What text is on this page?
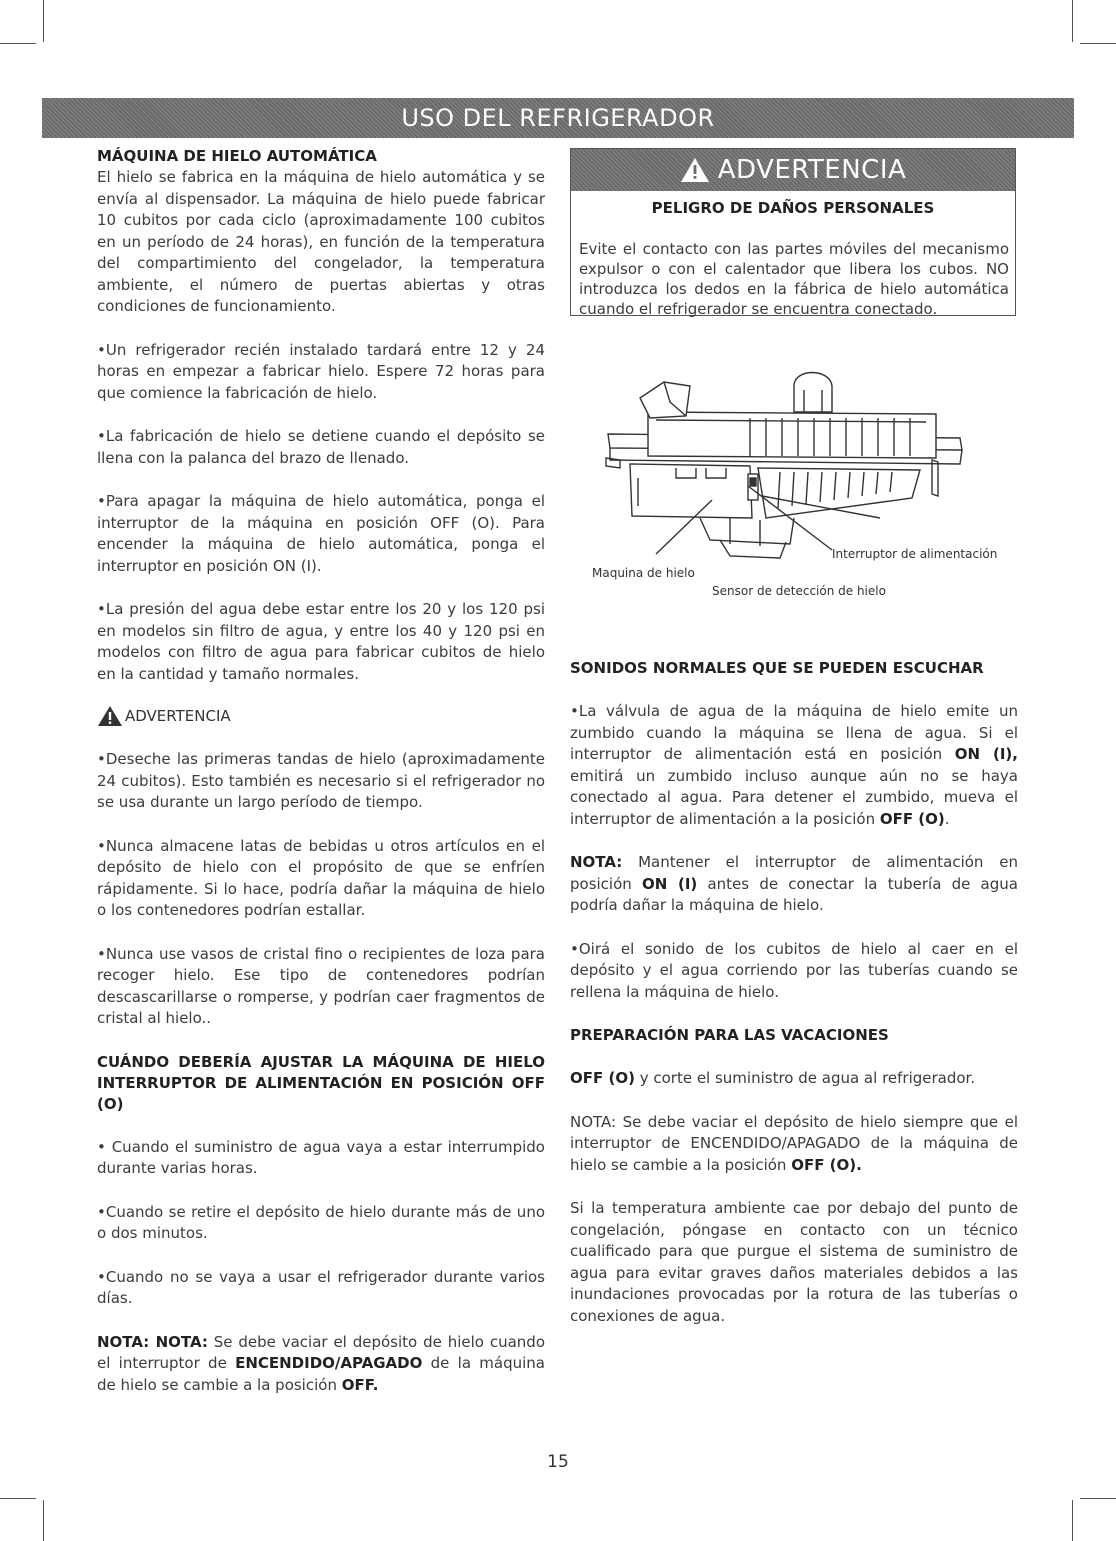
USO DEL REFRIGERADOR
MÁQUINA DE HIELO AUTOMÁTICA

El hielo se fabrica en la máquina de hielo automática y se envía al dispensador. La máquina de hielo puede fabricar 10 cubitos por cada ciclo (aproximadamente 100 cubitos en un período de 24 horas), en función de la temperatura del compartimiento del congelador, la temperatura ambiente, el número de puertas abiertas y otras condiciones de funcionamiento.

•Un refrigerador recién instalado tardará entre 12 y 24 horas en empezar a fabricar hielo. Espere 72 horas para que comience la fabricación de hielo.

•La fabricación de hielo se detiene cuando el depósito se llena con la palanca del brazo de llenado.

•Para apagar la máquina de hielo automática, ponga el interruptor de la máquina en posición OFF (O). Para encender la máquina de hielo automática, ponga el interruptor en posición ON (I).

•La presión del agua debe estar entre los 20 y los 120 psi en modelos sin filtro de agua, y entre los 40 y 120 psi en modelos con filtro de agua para fabricar cubitos de hielo en la cantidad y tamaño normales.

ADVERTENCIA

•Deseche las primeras tandas de hielo (aproximadamente 24 cubitos). Esto también es necesario si el refrigerador no se usa durante un largo período de tiempo.

•Nunca almacene latas de bebidas u otros artículos en el depósito de hielo con el propósito de que se enfríen rápidamente. Si lo hace, podría dañar la máquina de hielo o los contenedores podrían estallar.

•Nunca use vasos de cristal fino o recipientes de loza para recoger hielo. Ese tipo de contenedores podrían descascarillarse o romperse, y podrían caer fragmentos de cristal al hielo..

CUÁNDO DEBERÍA AJUSTAR LA MÁQUINA DE HIELO INTERRUPTOR DE ALIMENTACIÓN EN POSICIÓN OFF (O)

• Cuando el suministro de agua vaya a estar interrumpido durante varias horas.

•Cuando se retire el depósito de hielo durante más de uno o dos minutos.

•Cuando no se vaya a usar el refrigerador durante varios días.

NOTA: NOTA: Se debe vaciar el depósito de hielo cuando el interruptor de ENCENDIDO/APAGADO de la máquina de hielo se cambie a la posición OFF.

ADVERTENCIA
PELIGRO DE DAÑOS PERSONALES
Evite el contacto con las partes móviles del mecanismo expulsor o con el calentador que libera los cubos. NO introduzca los dedos en la fábrica de hielo automática cuando el refrigerador se encuentra conectado.
Interruptor de alimentación
Maquina de hielo
Sensor de detección de hielo
SONIDOS NORMALES QUE SE PUEDEN ESCUCHAR

•La válvula de agua de la máquina de hielo emite un zumbido cuando la máquina se llena de agua. Si el interruptor de alimentación está en posición ON (I), emitirá un zumbido incluso aunque aún no se haya conectado al agua. Para detener el zumbido, mueva el interruptor de alimentación a la posición OFF (O).

NOTA: Mantener el interruptor de alimentación en posición ON (I) antes de conectar la tubería de agua podría dañar la máquina de hielo.

•Oirá el sonido de los cubitos de hielo al caer en el depósito y el agua corriendo por las tuberías cuando se rellena la máquina de hielo.

PREPARACIÓN PARA LAS VACACIONES

OFF (O) y corte el suministro de agua al refrigerador.

NOTA: Se debe vaciar el depósito de hielo siempre que el interruptor de ENCENDIDO/APAGADO de la máquina de hielo se cambie a la posición OFF (O).

Si la temperatura ambiente cae por debajo del punto de congelación, póngase en contacto con un técnico cualificado para que purgue el sistema de suministro de agua para evitar graves daños materiales debidos a las inundaciones provocadas por la rotura de las tuberías o conexiones de agua.

15
